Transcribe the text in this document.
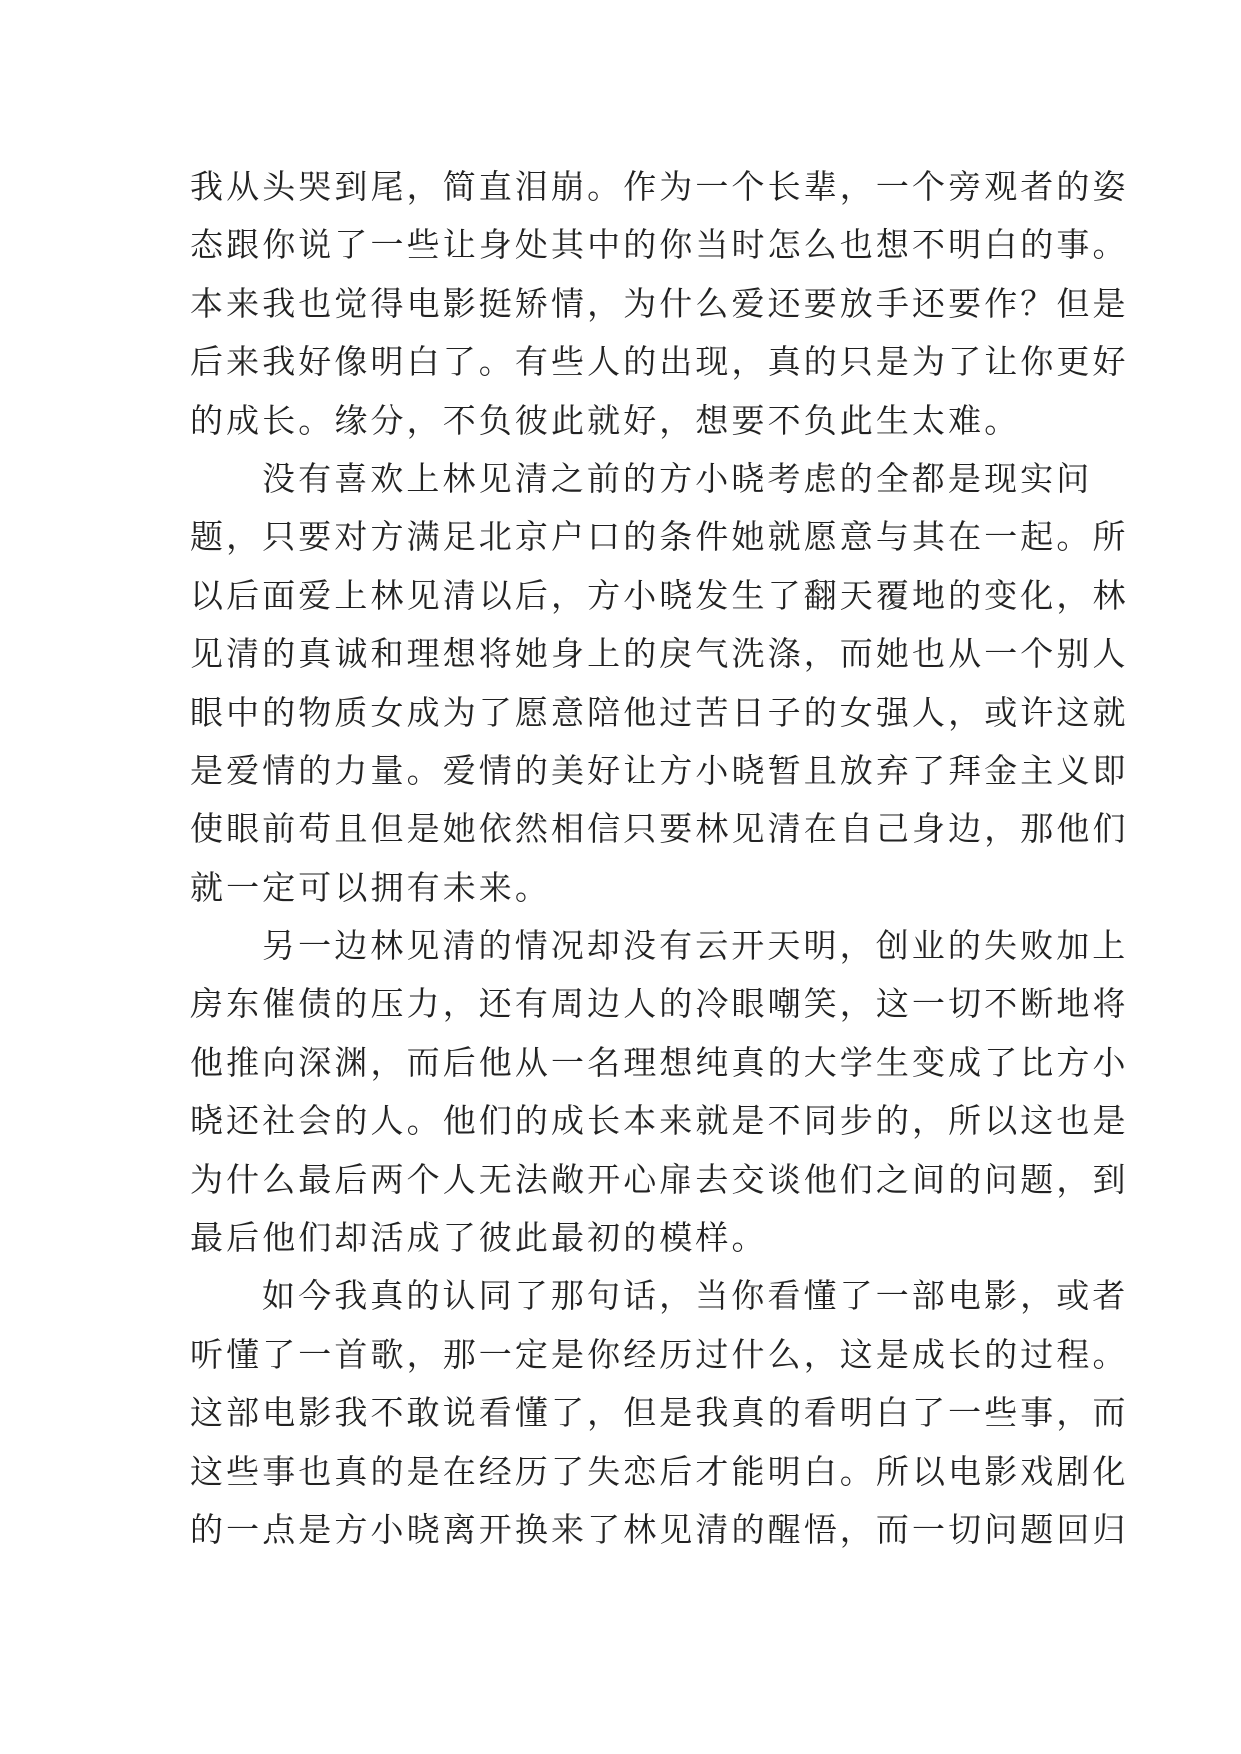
我从头哭到尾，简直泪崩。作为一个长辈，一个旁观者的姿
态跟你说了一些让身处其中的你当时怎么也想不明白的事。
本来我也觉得电影挺矫情，为什么爱还要放手还要作？但是
后来我好像明白了。有些人的出现，真的只是为了让你更好
的成长。缘分，不负彼此就好，想要不负此生太难。
没有喜欢上林见清之前的方小晓考虑的全都是现实问
题，只要对方满足北京户口的条件她就愿意与其在一起。所
以后面爱上林见清以后，方小晓发生了翻天覆地的变化，林
见清的真诚和理想将她身上的戾气洗涤，而她也从一个别人
眼中的物质女成为了愿意陪他过苦日子的女强人，或许这就
是爱情的力量。爱情的美好让方小晓暂且放弃了拜金主义即
使眼前苟且但是她依然相信只要林见清在自己身边，那他们
就一定可以拥有未来。
另一边林见清的情况却没有云开天明，创业的失败加上
房东催债的压力，还有周边人的冷眼嘲笑，这一切不断地将
他推向深渊，而后他从一名理想纯真的大学生变成了比方小
晓还社会的人。他们的成长本来就是不同步的，所以这也是
为什么最后两个人无法敞开心扉去交谈他们之间的问题，到
最后他们却活成了彼此最初的模样。
如今我真的认同了那句话，当你看懂了一部电影，或者
听懂了一首歌，那一定是你经历过什么，这是成长的过程。
这部电影我不敢说看懂了，但是我真的看明白了一些事，而
这些事也真的是在经历了失恋后才能明白。所以电影戏剧化
的一点是方小晓离开换来了林见清的醒悟，而一切问题回归
